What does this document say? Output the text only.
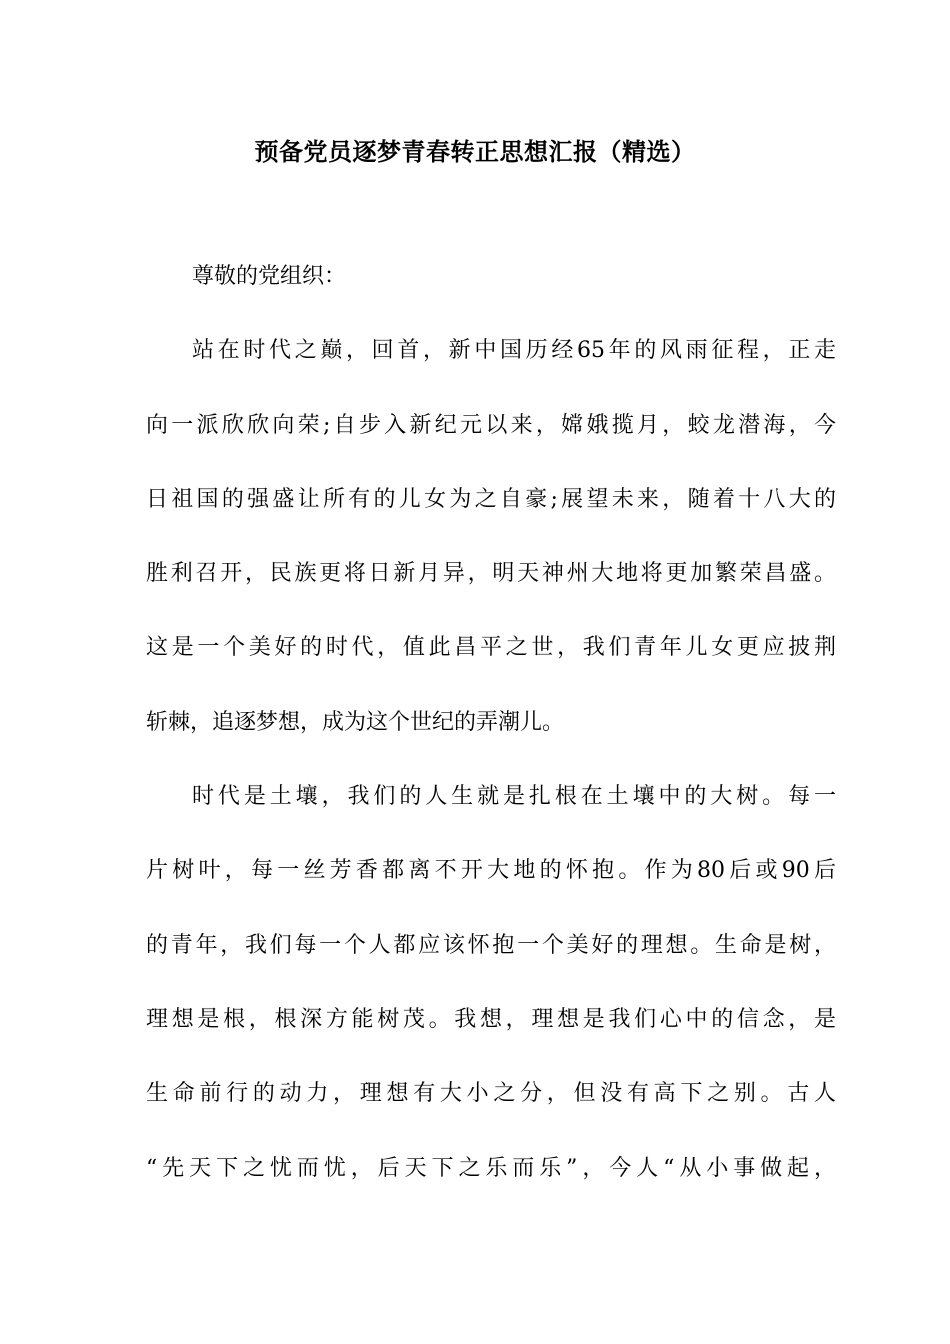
预备党员逐梦青春转正思想汇报（精选）
尊敬的党组织：
站在时代之巅，回首，新中国历经65年的风雨征程，正走
向一派欣欣向荣;自步入新纪元以来，嫦娥揽月，蛟龙潜海，今
日祖国的强盛让所有的儿女为之自豪;展望未来，随着十八大的
胜利召开，民族更将日新月异，明天神州大地将更加繁荣昌盛。
这是一个美好的时代，值此昌平之世，我们青年儿女更应披荆
斩棘，追逐梦想，成为这个世纪的弄潮儿。
时代是土壤，我们的人生就是扎根在土壤中的大树。每一
片树叶，每一丝芳香都离不开大地的怀抱。作为80后或90后
的青年，我们每一个人都应该怀抱一个美好的理想。生命是树，
理想是根，根深方能树茂。我想，理想是我们心中的信念，是
生命前行的动力，理想有大小之分，但没有高下之别。古人
“先天下之忧而忧，后天下之乐而乐”，今人“从小事做起，
